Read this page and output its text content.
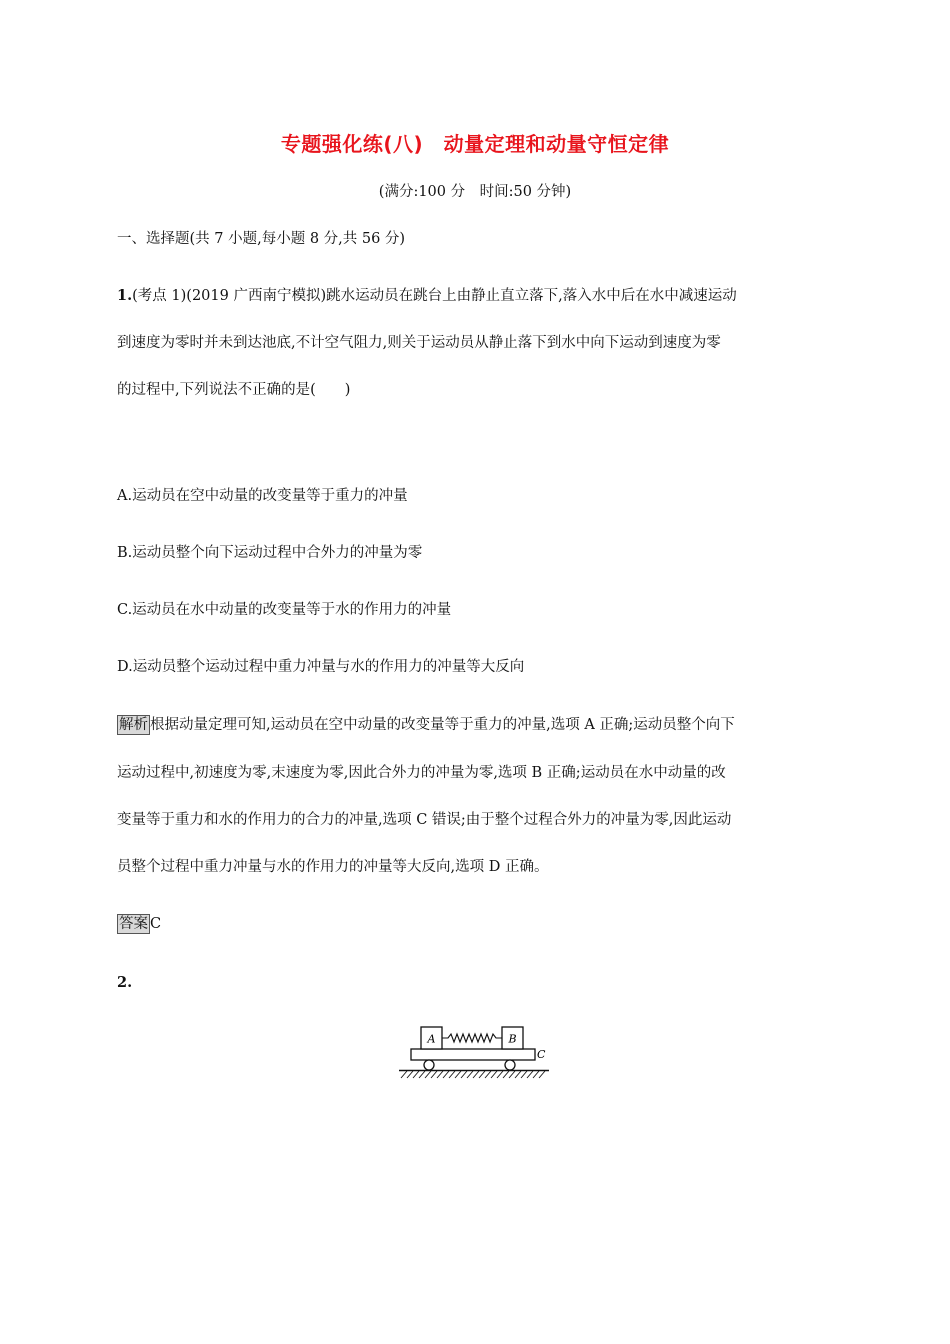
专题强化练(八)　动量定理和动量守恒定律
(满分:100 分　时间:50 分钟)
一、选择题(共 7 小题,每小题 8 分,共 56 分)
1.(考点 1)(2019 广西南宁模拟)跳水运动员在跳台上由静止直立落下,落入水中后在水中减速运动
到速度为零时并未到达池底,不计空气阻力,则关于运动员从静止落下到水中向下运动到速度为零
的过程中,下列说法不正确的是(　　)
A.运动员在空中动量的改变量等于重力的冲量
B.运动员整个向下运动过程中合外力的冲量为零
C.运动员在水中动量的改变量等于水的作用力的冲量
D.运动员整个运动过程中重力冲量与水的作用力的冲量等大反向
解析 根据动量定理可知,运动员在空中动量的改变量等于重力的冲量,选项 A 正确;运动员整个向下
运动过程中,初速度为零,末速度为零,因此合外力的冲量为零,选项 B 正确;运动员在水中动量的改
变量等于重力和水的作用力的合力的冲量,选项 C 错误;由于整个过程合外力的冲量为零,因此运动
员整个过程中重力冲量与水的作用力的冲量等大反向,选项 D 正确。
答案 C
2.
A	B
C
